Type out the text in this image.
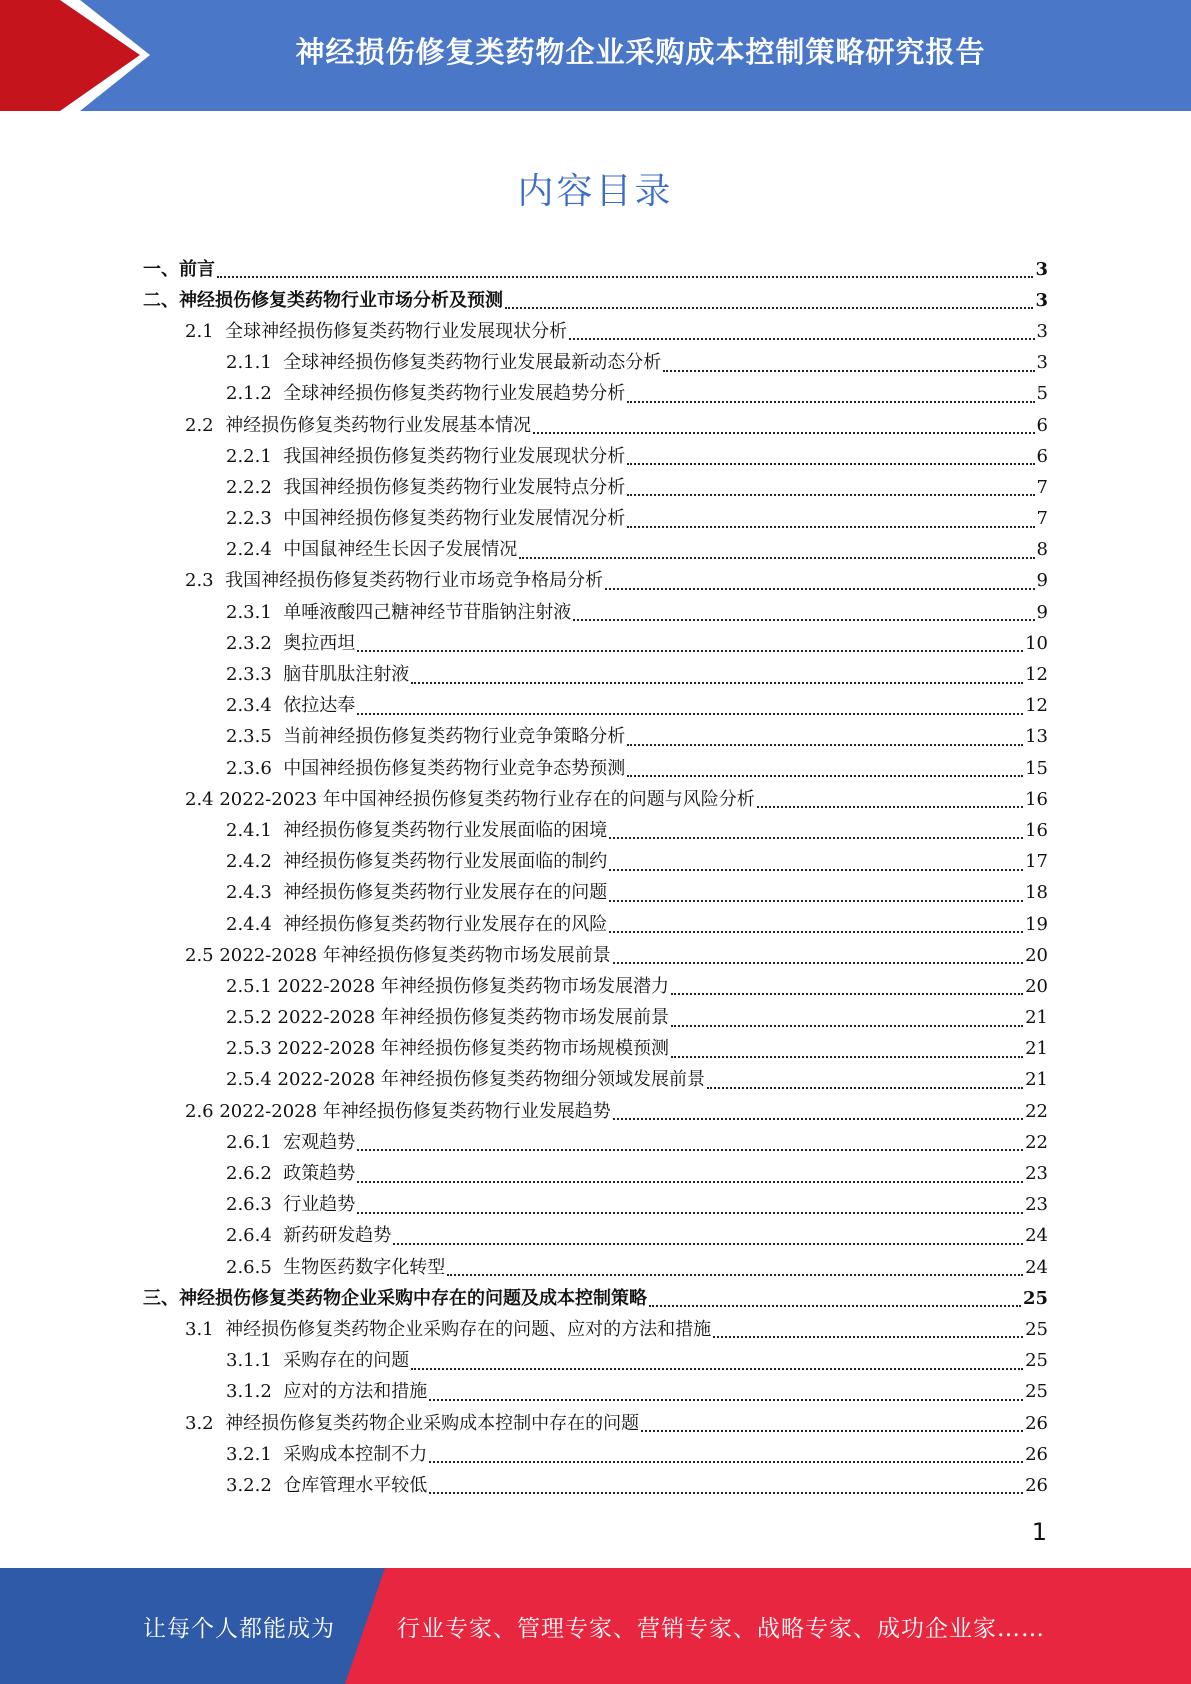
神经损伤修复类药物企业采购成本控制策略研究报告
内容目录
一、 前言	3
二、 神经损伤修复类药物行业市场分析及预测	3
2.1 全球神经损伤修复类药物行业发展现状分析	3
2.1.1 全球神经损伤修复类药物行业发展最新动态分析	3
2.1.2 全球神经损伤修复类药物行业发展趋势分析	5
2.2 神经损伤修复类药物行业发展基本情况	6
2.2.1 我国神经损伤修复类药物行业发展现状分析	6
2.2.2 我国神经损伤修复类药物行业发展特点分析	7
2.2.3 中国神经损伤修复类药物行业发展情况分析	7
2.2.4 中国鼠神经生长因子发展情况	8
2.3 我国神经损伤修复类药物行业市场竞争格局分析	9
2.3.1 单唾液酸四己糖神经节苷脂钠注射液	9
2.3.2 奥拉西坦	10
2.3.3 脑苷肌肽注射液	12
2.3.4 依拉达奉	12
2.3.5 当前神经损伤修复类药物行业竞争策略分析	13
2.3.6 中国神经损伤修复类药物行业竞争态势预测	15
2.4 2022-2023 年中国神经损伤修复类药物行业存在的问题与风险分析	16
2.4.1 神经损伤修复类药物行业发展面临的困境	16
2.4.2 神经损伤修复类药物行业发展面临的制约	17
2.4.3 神经损伤修复类药物行业发展存在的问题	18
2.4.4 神经损伤修复类药物行业发展存在的风险	19
2.5 2022-2028 年神经损伤修复类药物市场发展前景	20
2.5.1 2022-2028 年神经损伤修复类药物市场发展潜力	20
2.5.2 2022-2028 年神经损伤修复类药物市场发展前景	21
2.5.3 2022-2028 年神经损伤修复类药物市场规模预测	21
2.5.4 2022-2028 年神经损伤修复类药物细分领域发展前景	21
2.6 2022-2028 年神经损伤修复类药物行业发展趋势	22
2.6.1 宏观趋势	22
2.6.2 政策趋势	23
2.6.3 行业趋势	23
2.6.4 新药研发趋势	24
2.6.5 生物医药数字化转型	24
三、 神经损伤修复类药物企业采购中存在的问题及成本控制策略	25
3.1 神经损伤修复类药物企业采购存在的问题、应对的方法和措施	25
3.1.1 采购存在的问题	25
3.1.2 应对的方法和措施	25
3.2 神经损伤修复类药物企业采购成本控制中存在的问题	26
3.2.1 采购成本控制不力	26
3.2.2 仓库管理水平较低	26
1
让每个人都能成为	行业专家、管理专家、营销专家、战略专家、成功企业家……
